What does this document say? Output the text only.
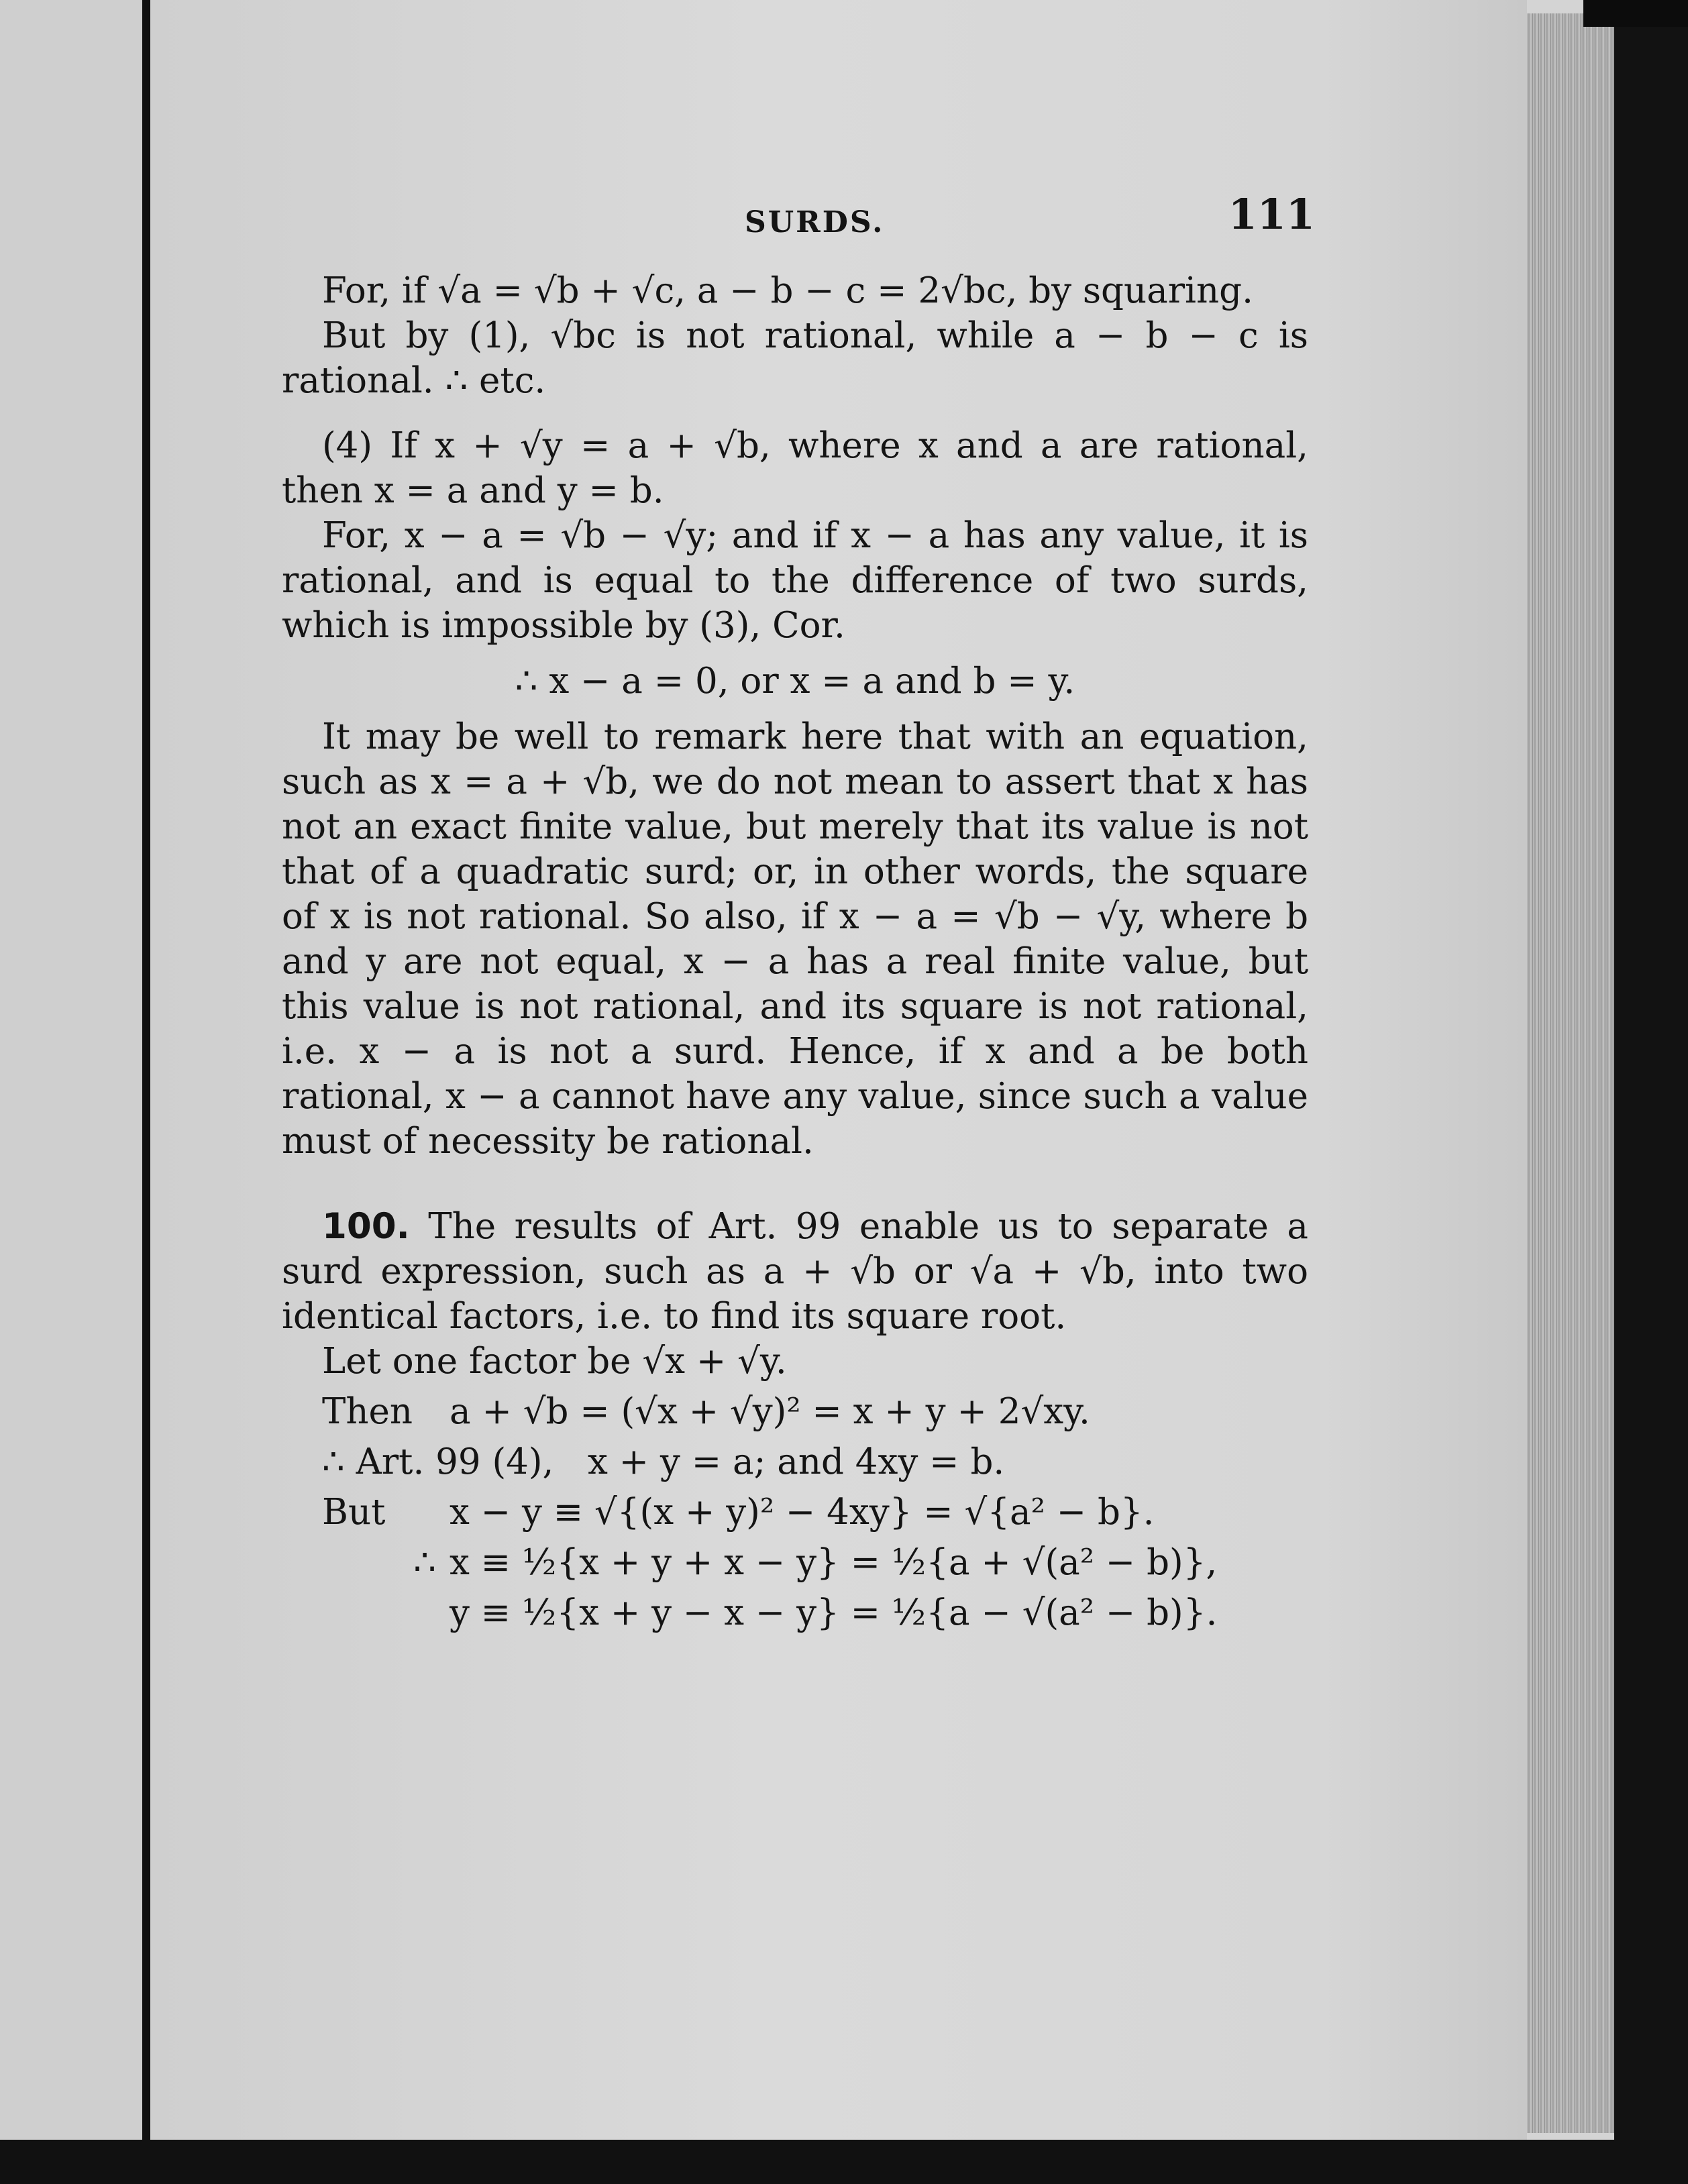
SURDS.	111

For, if √a = √b + √c, a − b − c = 2√bc, by squaring.

But by (1), √bc is not rational, while a − b − c is rational. ∴ etc.

(4) If x + √y = a + √b, where x and a are rational, then x = a and y = b.

For, x − a = √b − √y; and if x − a has any value, it is rational, and is equal to the difference of two surds, which is impossible by (3), Cor.

∴ x − a = 0, or x = a and b = y.

It may be well to remark here that with an equation, such as x = a + √b, we do not mean to assert that x has not an exact finite value, but merely that its value is not that of a quadratic surd; or, in other words, the square of x is not rational. So also, if x − a = √b − √y, where b and y are not equal, x − a has a real finite value, but this value is not rational, and its square is not rational, i.e. x − a is not a surd. Hence, if x and a be both rational, x − a cannot have any value, since such a value must of necessity be rational.

100. The results of Art. 99 enable us to separate a surd expression, such as a + √b or √a + √b, into two identical factors, i.e. to find its square root.

Let one factor be √x + √y.

Then a + √b = (√x + √y)² = x + y + 2√xy.
∴ Art. 99 (4), x + y = a; and 4xy = b.
But x − y ≡ √{(x + y)² − 4xy} = √{a² − b}.
∴ x ≡ ½{x + y + x − y} = ½{a + √(a² − b)},
y ≡ ½{x + y − x − y} = ½{a − √(a² − b)}.
